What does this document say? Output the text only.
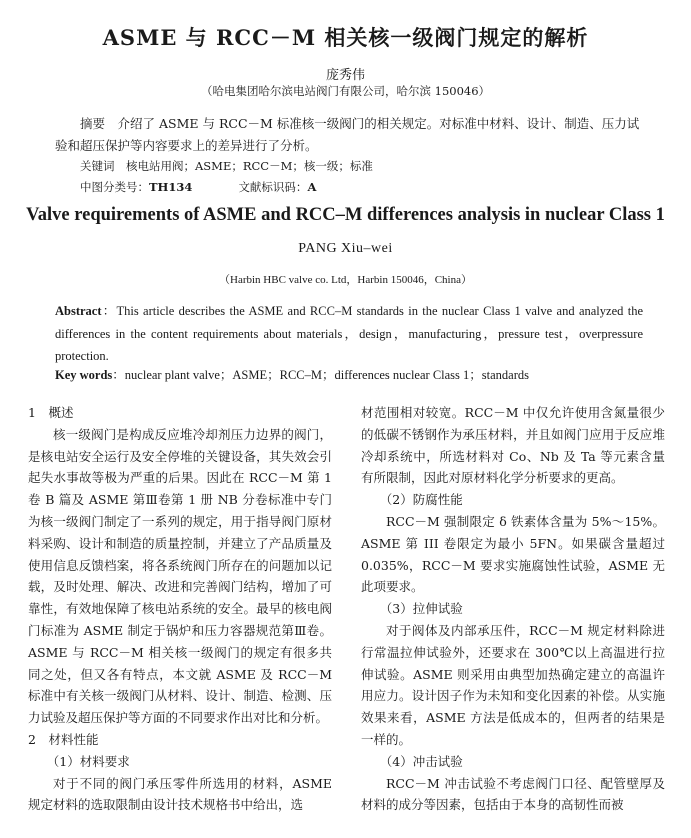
ASME 与 RCC－M 相关核一级阀门规定的解析
庞秀伟
（哈电集团哈尔滨电站阀门有限公司，哈尔滨 150046）
摘要　 介绍了 ASME 与 RCC－M 标准核一级阀门的相关规定。对标准中材料、设计、制造、压力试验和超压保护等内容要求上的差异进行了分析。
关键词　 核电站用阀；ASME；RCC－M；核一级；标准
中图分类号：TH134	文献标识码：A
Valve requirements of ASME and RCC–M differences analysis in nuclear Class 1
PANG Xiu–wei
（Harbin HBC valve co. Ltd，Harbin 150046，China）
Abstract：This article describes the ASME and RCC–M standards in the nuclear Class 1 valve and analyzed the differences in the content requirements about materials，design，manufacturing，pressure test，overpressure protection.
Key words：nuclear plant valve；ASME；RCC–M；differences nuclear Class 1；standards

1　概述

核一级阀门是构成反应堆冷却剂压力边界的阀门，是核电站安全运行及安全停堆的关键设备，其失效会引起失水事故等极为严重的后果。因此在 RCC－M 第 1 卷 B 篇及 ASME 第Ⅲ卷第 1 册 NB 分卷标准中专门为核一级阀门制定了一系列的规定，用于指导阀门原材料采购、设计和制造的质量控制，并建立了产品质量及使用信息反馈档案，将各系统阀门所存在的问题加以记载，及时处理、解决、改进和完善阀门结构，增加了可靠性，有效地保障了核电站系统的安全。最早的核电阀门标准为 ASME 制定于锅炉和压力容器规范第Ⅲ卷。ASME 与 RCC－M 相关核一级阀门的规定有很多共同之处，但又各有特点，本文就 ASME 及 RCC－M 标准中有关核一级阀门从材料、设计、制造、检测、压力试验及超压保护等方面的不同要求作出对比和分析。

2　材料性能

（1）材料要求

对于不同的阀门承压零件所选用的材料，ASME 规定材料的选取限制由设计技术规格书中给出，选

材范围相对较宽。RCC－M 中仅允许使用含氮量很少的低碳不锈钢作为承压材料，并且如阀门应用于反应堆冷却系统中，所选材料对 Co、Nb 及 Ta 等元素含量有所限制，因此对原材料化学分析要求的更高。

（2）防腐性能

RCC－M 强制限定 δ 铁素体含量为 5%～15%。ASME 第 III 卷限定为最小 5FN。如果碳含量超过 0.035%，RCC－M 要求实施腐蚀性试验，ASME 无此项要求。

（3）拉伸试验

对于阀体及内部承压件，RCC－M 规定材料除进行常温拉伸试验外，还要求在 300℃以上高温进行拉伸试验。ASME 则采用由典型加热确定建立的高温许用应力。设计因子作为未知和变化因素的补偿。从实施效果来看，ASME 方法是低成本的，但两者的结果是一样的。

（4）冲击试验

RCC－M 冲击试验不考虑阀门口径、配管壁厚及材料的成分等因素，包括由于本身的高韧性而被
